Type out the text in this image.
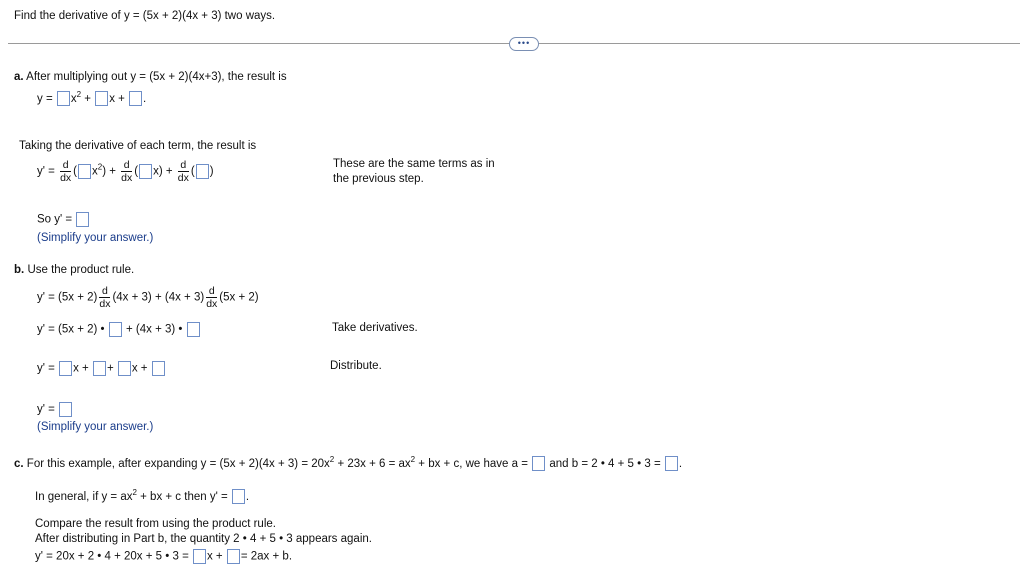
Find the derivative of y = (5x + 2)(4x + 3) two ways.
•••
a. After multiplying out y = (5x + 2)(4x+3), the result is
$y = x^2 + x$ + .
Taking the derivative of each term, the result is
$y' = \frac{d}{dx}$ ( $x^2) + \frac{d}{dx}$ ( $x) + \frac{d}{dx}$ ( )
These are the same terms as in
the previous step.
So y' =
(Simplify your answer.)
b. Use the product rule.
$y' = (5x + 2) \frac{d}{dx} (4x + 3) + (4x + 3) \frac{d}{dx} (5x + 2)$
y' = (5x + 2) • + (4x + 3) •	Take derivatives.
y' = x + + x +	Distribute.
y' =
(Simplify your answer.)
c. For this example, after expanding $y = (5x + 2)(4x + 3) = 20x^2 + 23x + 6 = ax^2$ + bx + c, we have a = and b = 2 • 4 + 5 • 3 = .
In general, if $y = ax^2$ + bx + c then y' = .
Compare the result from using the product rule.
After distributing in Part b, the quantity 2 • 4 + 5 • 3 appears again.
y' = 20x + 2 • 4 + 20x + 5 • 3 = x + = 2ax + b.
